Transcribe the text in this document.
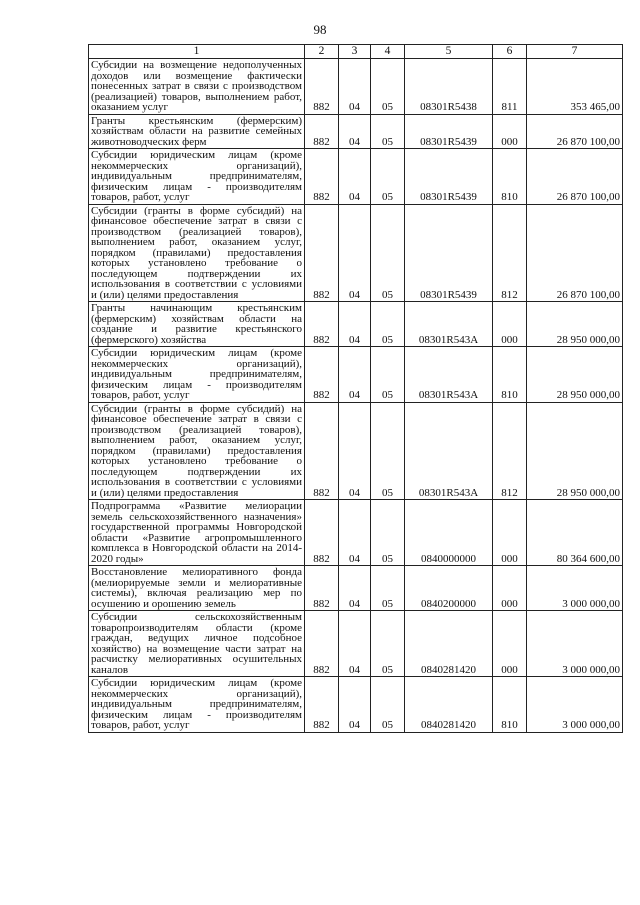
98
1	2	3	4	5	6	7
Субсидии на возмещение недополученных доходов или возмещение фактически понесенных затрат в связи с производством (реализацией) товаров, выполнением работ, оказанием услуг	882	04	05	08301R5438	811	353 465,00
Гранты крестьянским (фермерским) хозяйствам области на развитие семейных животноводческих ферм	882	04	05	08301R5439	000	26 870 100,00
Субсидии юридическим лицам (кроме некоммерческих организаций), индивидуальным предпринимателям, физическим лицам - производителям товаров, работ, услуг	882	04	05	08301R5439	810	26 870 100,00
Субсидии (гранты в форме субсидий) на финансовое обеспечение затрат в связи с производством (реализацией товаров), выполнением работ, оказанием услуг, порядком (правилами) предоставления которых установлено требование о последующем подтверждении их использования в соответствии с условиями и (или) целями предоставления	882	04	05	08301R5439	812	26 870 100,00
Гранты начинающим крестьянским (фермерским) хозяйствам области на создание и развитие крестьянского (фермерского) хозяйства	882	04	05	08301R543A	000	28 950 000,00
Субсидии юридическим лицам (кроме некоммерческих организаций), индивидуальным предпринимателям, физическим лицам - производителям товаров, работ, услуг	882	04	05	08301R543A	810	28 950 000,00
Субсидии (гранты в форме субсидий) на финансовое обеспечение затрат в связи с производством (реализацией товаров), выполнением работ, оказанием услуг, порядком (правилами) предоставления которых установлено требование о последующем подтверждении их использования в соответствии с условиями и (или) целями предоставления	882	04	05	08301R543A	812	28 950 000,00
Подпрограмма «Развитие мелиорации земель сельскохозяйственного назначения» государственной программы Новгородской области «Развитие агропромышленного комплекса в Новгородской области на 2014-2020 годы»	882	04	05	0840000000	000	80 364 600,00
Восстановление мелиоративного фонда (мелиорируемые земли и мелиоративные системы), включая реализацию мер по осушению и орошению земель	882	04	05	0840200000	000	3 000 000,00
Субсидии сельскохозяйственным товаропроизводителям области (кроме граждан, ведущих личное подсобное хозяйство) на возмещение части затрат на расчистку мелиоративных осушительных каналов	882	04	05	0840281420	000	3 000 000,00
Субсидии юридическим лицам (кроме некоммерческих организаций), индивидуальным предпринимателям, физическим лицам - производителям товаров, работ, услуг	882	04	05	0840281420	810	3 000 000,00
